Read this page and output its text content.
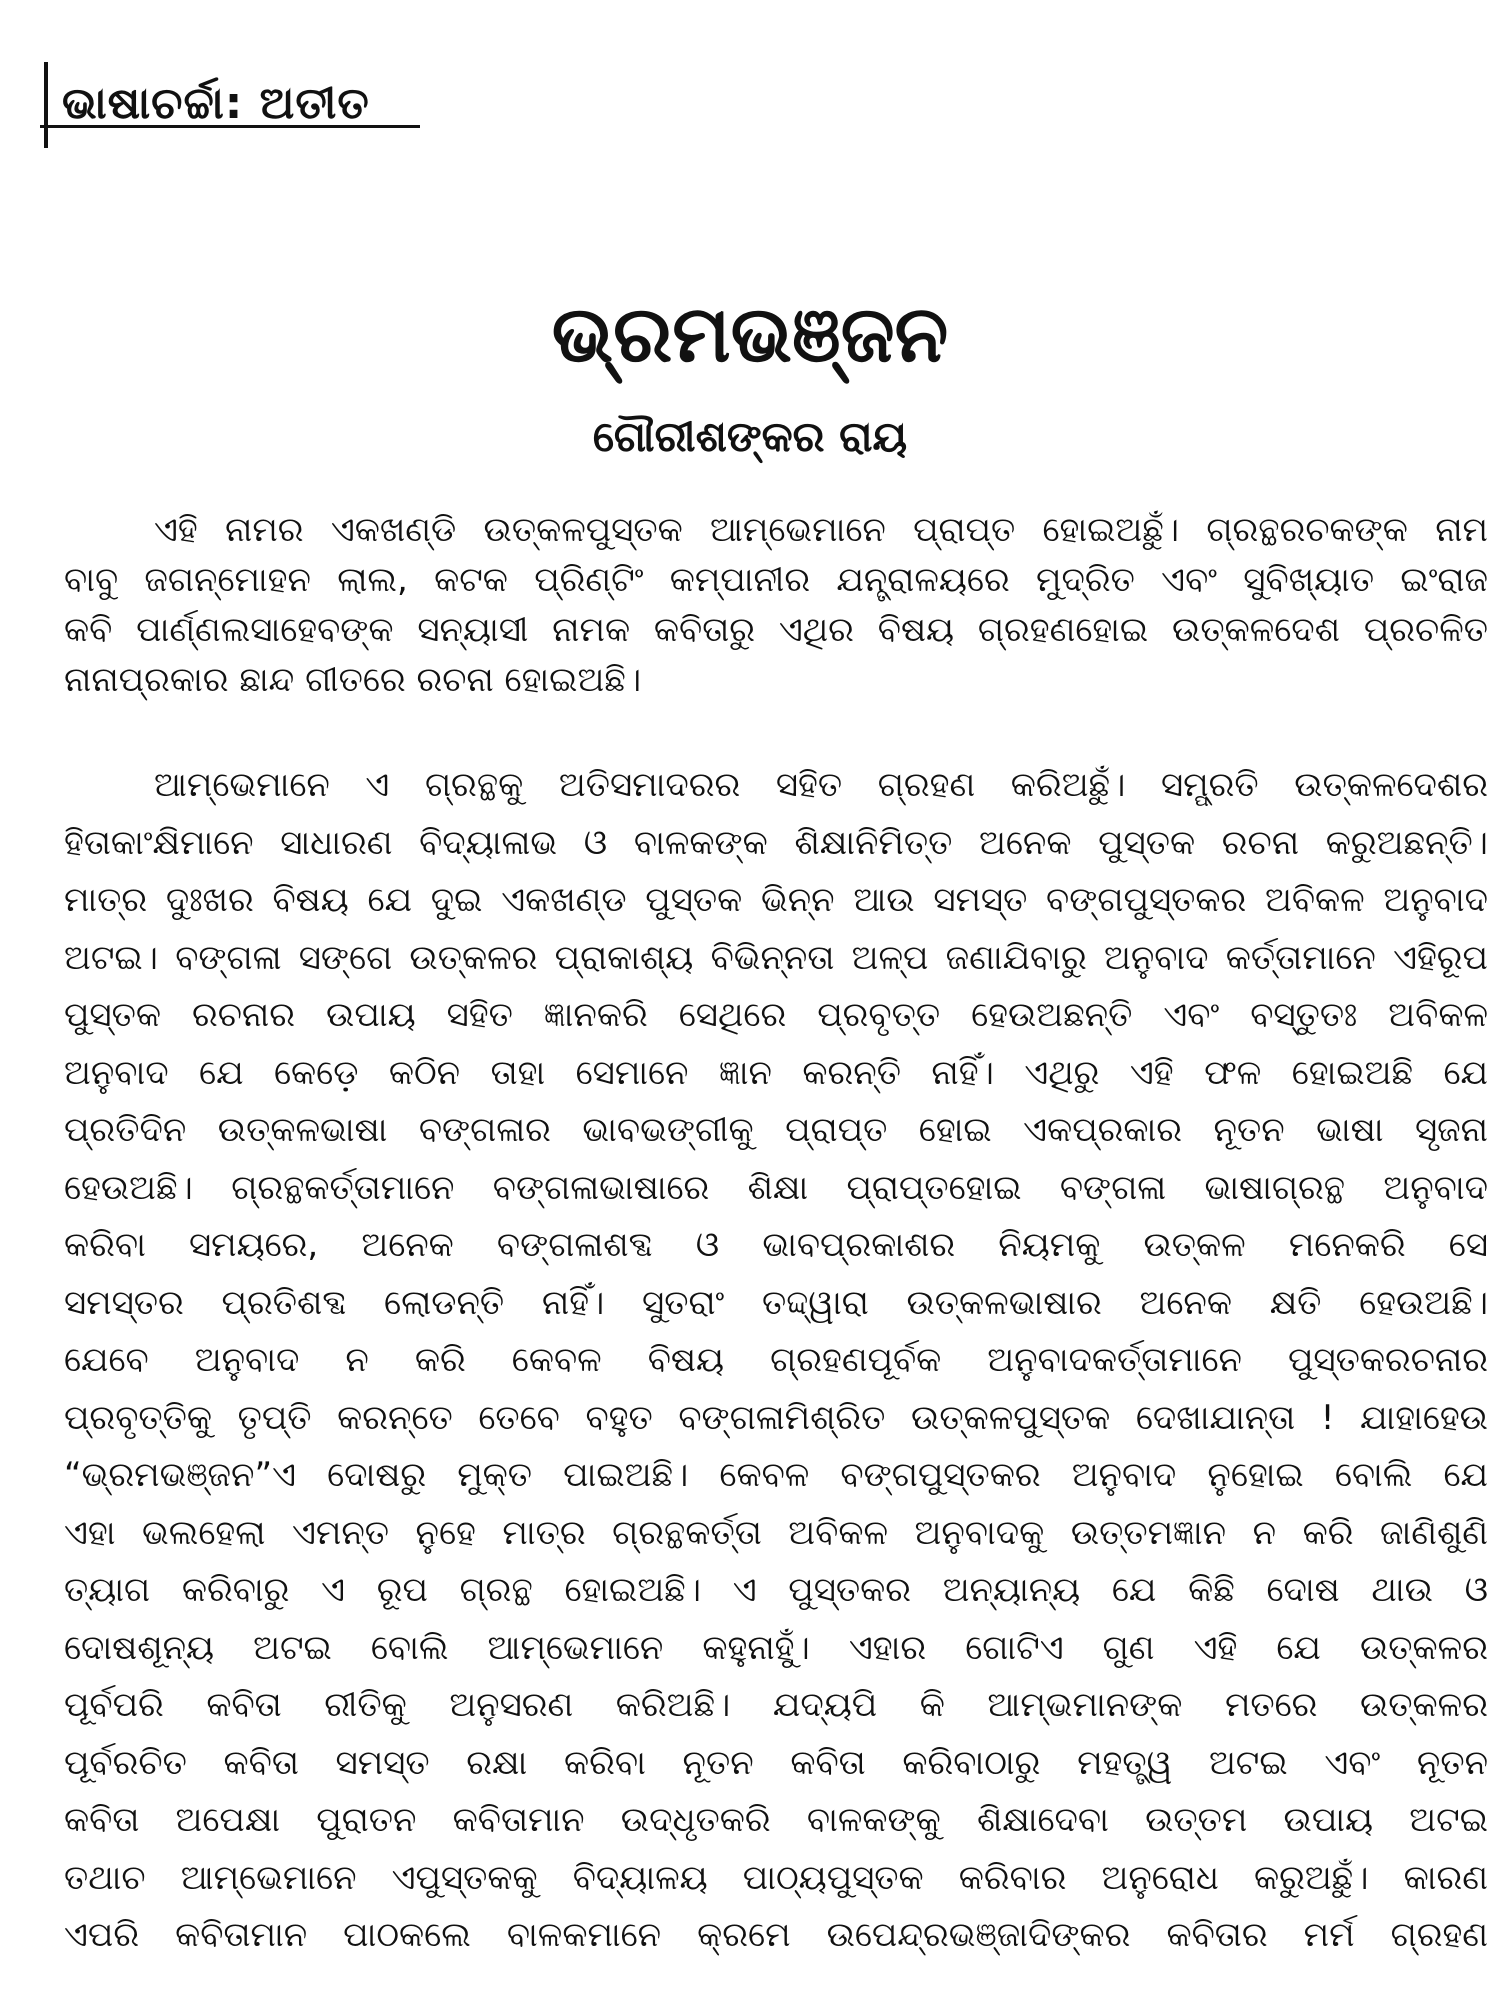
ଭାଷାଚର୍ଚ୍ଚା: ଅତୀତ
ଭ୍ରମଭଞ୍ଜନ
ଗୌରୀଶଙ୍କର ରାୟ
ଏହି ନାମର ଏକଖଣ୍ଡି ଉତ୍କଳପୁସ୍ତକ ଆମ୍ଭେମାନେ ପ୍ରାପ୍ତ ହୋଇଅଛୁଁ। ଗ୍ରନ୍ଥରଚକଙ୍କ ନାମ
ବାବୁ ଜଗନ୍ମୋହନ ଲାଲ, କଟକ ପ୍ରିଣ୍ଟିଂ କମ୍ପାନୀର ଯନ୍ତ୍ରାଳୟରେ ମୁଦ୍ରିତ ଏବଂ ସୁବିଖ୍ୟାତ ଇଂରାଜ
କବି ପାର୍ଣ୍ଣଲସାହେବଙ୍କ ସନ୍ୟାସୀ ନାମକ କବିତାରୁ ଏଥିର ବିଷୟ ଗ୍ରହଣହୋଇ ଉତ୍କଳଦେଶ ପ୍ରଚଳିତ
ନାନାପ୍ରକାର ଛାନ୍ଦ ଗୀତରେ ରଚନା ହୋଇଅଛି।
ଆମ୍ଭେମାନେ ଏ ଗ୍ରନ୍ଥକୁ ଅତିସମାଦରର ସହିତ ଗ୍ରହଣ କରିଅଛୁଁ। ସମ୍ପ୍ରତି ଉତ୍କଳଦେଶର
ହିତାକାଂକ୍ଷିମାନେ ସାଧାରଣ ବିଦ୍ୟାଳାଭ ଓ ବାଳକଙ୍କ ଶିକ୍ଷାନିମିତ୍ତ ଅନେକ ପୁସ୍ତକ ରଚନା କରୁଅଛନ୍ତି।
ମାତ୍ର ଦୁଃଖର ବିଷୟ ଯେ ଦୁଇ ଏକଖଣ୍ଡ ପୁସ୍ତକ ଭିନ୍ନ ଆଉ ସମସ୍ତ ବଙ୍ଗପୁସ୍ତକର ଅବିକଳ ଅନୁବାଦ
ଅଟଇ। ବଙ୍ଗଳା ସଙ୍ଗେ ଉତ୍କଳର ପ୍ରାକାଶ୍ୟ ବିଭିନ୍ନତା ଅଳ୍ପ ଜଣାଯିବାରୁ ଅନୁବାଦ କର୍ତ୍ତାମାନେ ଏହିରୂପ
ପୁସ୍ତକ ରଚନାର ଉପାୟ ସହିତ ଜ୍ଞାନକରି ସେଥିରେ ପ୍ରବୃତ୍ତ ହେଉଅଛନ୍ତି ଏବଂ ବସ୍ତୁତଃ ଅବିକଳ
ଅନୁବାଦ ଯେ କେଡ଼େ କଠିନ ତାହା ସେମାନେ ଜ୍ଞାନ କରନ୍ତି ନାହିଁ। ଏଥିରୁ ଏହି ଫଳ ହୋଇଅଛି ଯେ
ପ୍ରତିଦିନ ଉତ୍କଳଭାଷା ବଙ୍ଗଳାର ଭାବଭଙ୍ଗୀକୁ ପ୍ରାପ୍ତ ହୋଇ ଏକପ୍ରକାର ନୂତନ ଭାଷା ସୃଜନା
ହେଉଅଛି। ଗ୍ରନ୍ଥକର୍ତ୍ତାମାନେ ବଙ୍ଗଳାଭାଷାରେ ଶିକ୍ଷା ପ୍ରାପ୍ତହୋଇ ବଙ୍ଗଳା ଭାଷାଗ୍ରନ୍ଥ ଅନୁବାଦ
କରିବା ସମୟରେ, ଅନେକ ବଙ୍ଗଳାଶବ୍ଦ ଓ ଭାବପ୍ରକାଶର ନିୟମକୁ ଉତ୍କଳ ମନେକରି ସେ
ସମସ୍ତର ପ୍ରତିଶବ୍ଦ ଲୋଡନ୍ତି ନାହିଁ। ସୁତରାଂ ତଦ୍ଦ୍ୱାରା ଉତ୍କଳଭାଷାର ଅନେକ କ୍ଷତି ହେଉଅଛି।
ଯେବେ ଅନୁବାଦ ନ କରି କେବଳ ବିଷୟ ଗ୍ରହଣପୂର୍ବକ ଅନୁବାଦକର୍ତ୍ତାମାନେ ପୁସ୍ତକରଚନାର
ପ୍ରବୃତ୍ତିକୁ ତୃପ୍ତି କରନ୍ତେ ତେବେ ବହୁତ ବଙ୍ଗଳାମିଶ୍ରିତ ଉତ୍କଳପୁସ୍ତକ ଦେଖାଯାନ୍ତା ! ଯାହାହେଉ
“ଭ୍ରମଭଞ୍ଜନ”ଏ ଦୋଷରୁ ମୁକ୍ତ ପାଇଅଛି। କେବଳ ବଙ୍ଗପୁସ୍ତକର ଅନୁବାଦ ନୁହୋଇ ବୋଲି ଯେ
ଏହା ଭଲହେଲା ଏମନ୍ତ ନୁହେ ମାତ୍ର ଗ୍ରନ୍ଥକର୍ତ୍ତା ଅବିକଳ ଅନୁବାଦକୁ ଉତ୍ତମଜ୍ଞାନ ନ କରି ଜାଣିଶୁଣି
ତ୍ୟାଗ କରିବାରୁ ଏ ରୂପ ଗ୍ରନ୍ଥ ହୋଇଅଛି। ଏ ପୁସ୍ତକର ଅନ୍ୟାନ୍ୟ ଯେ କିଛି ଦୋଷ ଥାଉ ଓ
ଦୋଷଶୂନ୍ୟ ଅଟଇ ବୋଲି ଆମ୍ଭେମାନେ କହୁନାହୁଁ। ଏହାର ଗୋଟିଏ ଗୁଣ ଏହି ଯେ ଉତ୍କଳର
ପୂର୍ବପରି କବିତା ରୀତିକୁ ଅନୁସରଣ କରିଅଛି। ଯଦ୍ୟପି କି ଆମ୍ଭମାନଙ୍କ ମତରେ ଉତ୍କଳର
ପୂର୍ବରଚିତ କବିତା ସମସ୍ତ ରକ୍ଷା କରିବା ନୂତନ କବିତା କରିବାଠାରୁ ମହତ୍ତ୍ୱ ଅଟଇ ଏବଂ ନୂତନ
କବିତା ଅପେକ୍ଷା ପୁରାତନ କବିତାମାନ ଉଦ୍ଧୃତକରି ବାଳକଙ୍କୁ ଶିକ୍ଷାଦେବା ଉତ୍ତମ ଉପାୟ ଅଟଇ
ତଥାଚ ଆମ୍ଭେମାନେ ଏପୁସ୍ତକକୁ ବିଦ୍ୟାଳୟ ପାଠ୍ୟପୁସ୍ତକ କରିବାର ଅନୁରୋଧ କରୁଅଛୁଁ। କାରଣ
ଏପରି କବିତାମାନ ପାଠକଲେ ବାଳକମାନେ କ୍ରମେ ଉପେନ୍ଦ୍ରଭଞ୍ଜାଦିଙ୍କର କବିତାର ମର୍ମ ଗ୍ରହଣ
